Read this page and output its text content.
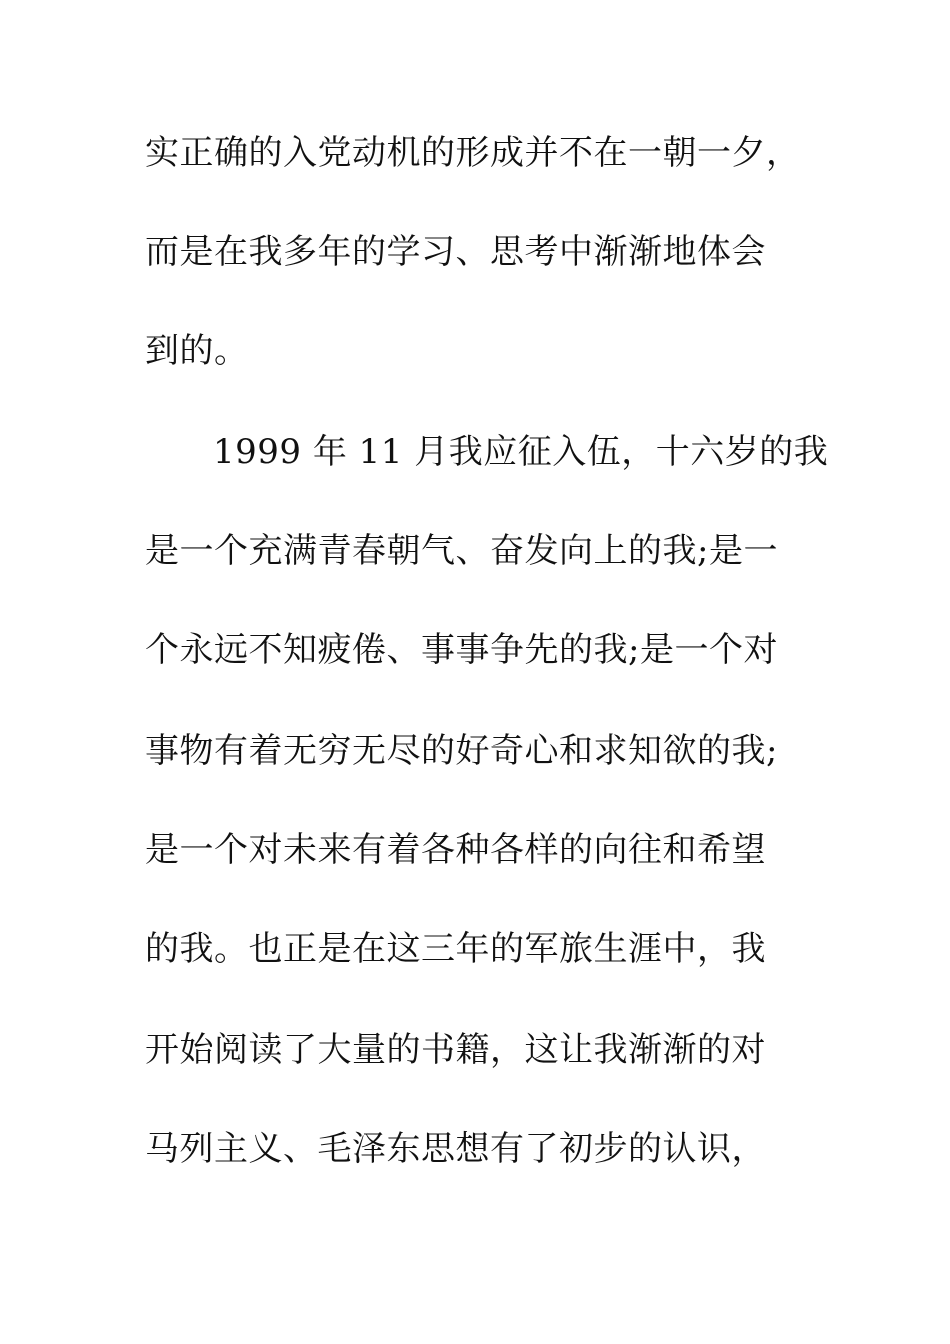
实正确的入党动机的形成并不在一朝一夕，

而是在我多年的学习、思考中渐渐地体会

到的。

1999 年 11 月我应征入伍，十六岁的我

是一个充满青春朝气、奋发向上的我;是一

个永远不知疲倦、事事争先的我;是一个对

事物有着无穷无尽的好奇心和求知欲的我;

是一个对未来有着各种各样的向往和希望

的我。也正是在这三年的军旅生涯中，我

开始阅读了大量的书籍，这让我渐渐的对

马列主义、毛泽东思想有了初步的认识，
